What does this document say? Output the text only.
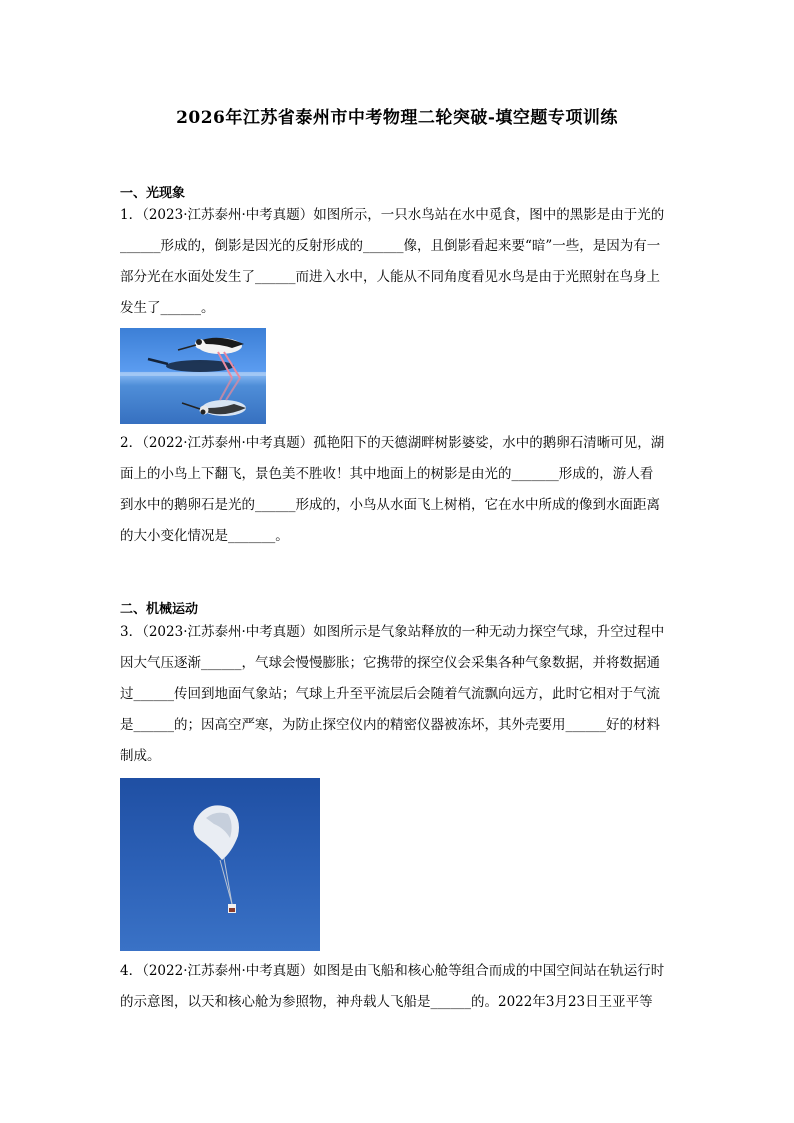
2026年江苏省泰州市中考物理二轮突破-填空题专项训练
一、光现象
1．（2023·江苏泰州·中考真题）如图所示，一只水鸟站在水中觅食，图中的黑影是由于光的
______形成的，倒影是因光的反射形成的______像，且倒影看起来要“暗”一些，是因为有一
部分光在水面处发生了______而进入水中，人能从不同角度看见水鸟是由于光照射在鸟身上
发生了______。
2．（2022·江苏泰州·中考真题）孤艳阳下的天德湖畔树影婆娑，水中的鹅卵石清晰可见，湖
面上的小鸟上下翻飞，景色美不胜收！其中地面上的树影是由光的_______形成的，游人看
到水中的鹅卵石是光的______形成的，小鸟从水面飞上树梢，它在水中所成的像到水面距离
的大小变化情况是_______。
二、机械运动
3．（2023·江苏泰州·中考真题）如图所示是气象站释放的一种无动力探空气球，升空过程中
因大气压逐渐______，气球会慢慢膨胀；它携带的探空仪会采集各种气象数据，并将数据通
过______传回到地面气象站；气球上升至平流层后会随着气流飘向远方，此时它相对于气流
是______的；因高空严寒，为防止探空仪内的精密仪器被冻坏，其外壳要用______好的材料
制成。
4．（2022·江苏泰州·中考真题）如图是由飞船和核心舱等组合而成的中国空间站在轨运行时
的示意图，以天和核心舱为参照物，神舟载人飞船是______的。2022年3月23日王亚平等
